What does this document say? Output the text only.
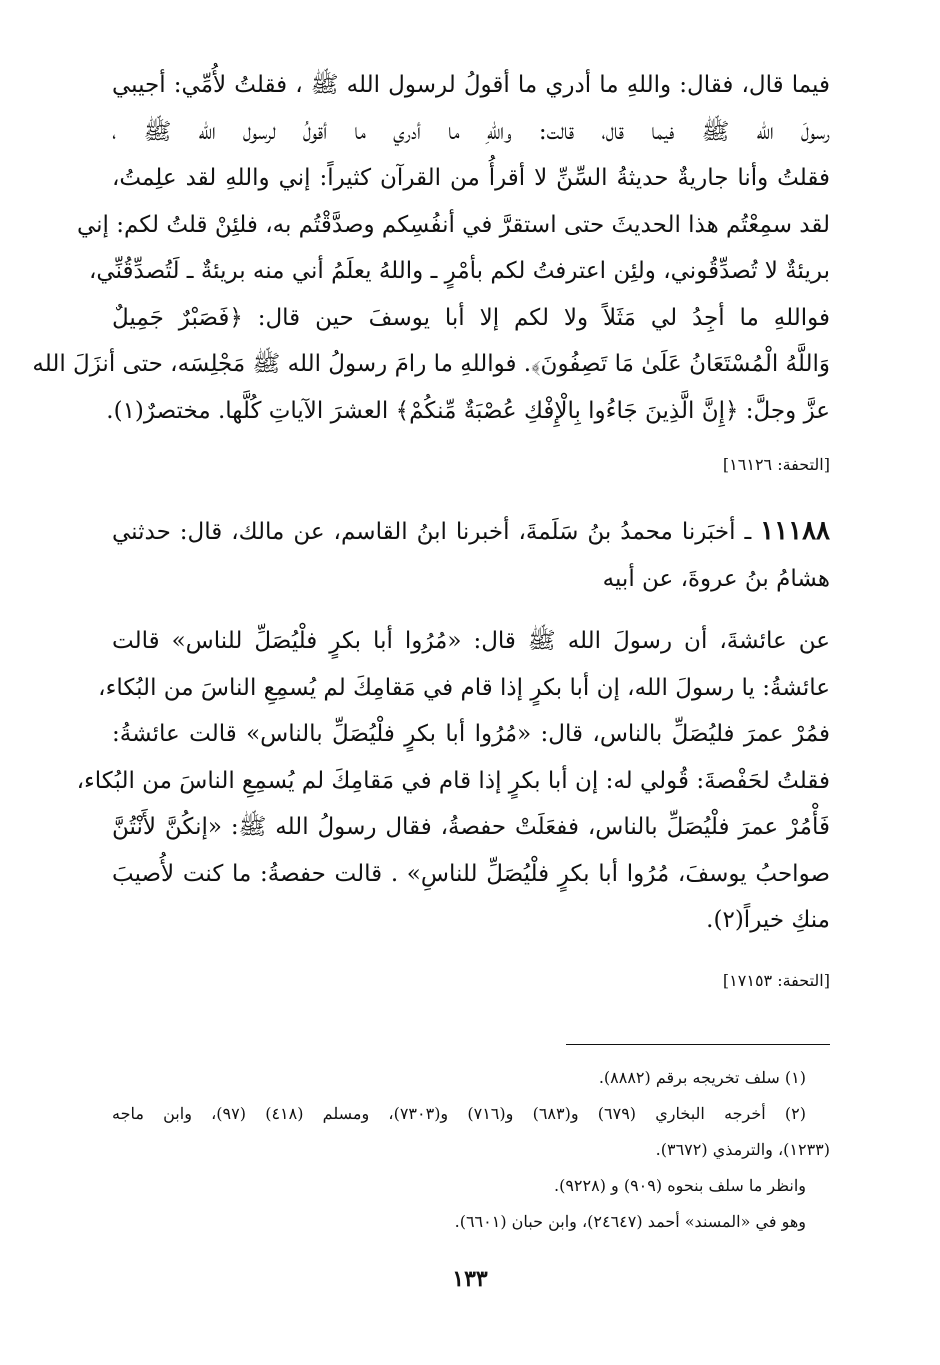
فيما قال، فقال: واللهِ ما أدري ما أقولُ لرسول الله ﷺ ، فقلتُ لأُمِّي: أجيبي
رسولَ الله ﷺ فيما قال، قالت: واللهِ ما أدري ما أقولُ لرسول الله ﷺ ،
فقلتُ وأنا جاريةٌ حديثةُ السِّنِّ لا أقرأُ من القرآن كثيراً: إني واللهِ لقد علِمتُ،
لقد سمِعْتُم هذا الحديثَ حتى استقرَّ في أنفُسِكم وصدَّقْتُم به، فلئِنْ قلتُ لكم: إني
بريئةٌ لا تُصدِّقُوني، ولئِن اعترفتُ لكم بأمْرٍ ـ واللهُ يعلَمُ أني منه بريئةٌ ـ لَتُصدِّقُنِّي،
فواللهِ ما أجِدُ لي مَثَلاً ولا لكم إلا أبا يوسفَ حين قال: ﴿فَصَبْرٌ جَمِيلٌ
وَاللَّهُ الْمُسْتَعَانُ عَلَىٰ مَا تَصِفُونَ﴾. فواللهِ ما رامَ رسولُ الله ﷺ مَجْلِسَه، حتى أنزَلَ الله
عزَّ وجلَّ: ﴿إِنَّ الَّذِينَ جَاءُوا بِالْإِفْكِ عُصْبَةٌ مِّنكُمْ﴾ العشرَ الآياتِ كُلَّها. مختصرٌ(١).
[التحفة: ١٦١٢٦]
١١١٨٨ ـ أخبَرنا محمدُ بنُ سَلَمةَ، أخبرنا ابنُ القاسم، عن مالك، قال: حدثني
هشامُ بنُ عروةَ، عن أبيه
عن عائشةَ، أن رسولَ الله ﷺ قال: «مُرُوا أبا بكرٍ فلْيُصَلِّ للناس» قالت
عائشةُ: يا رسولَ الله، إن أبا بكرٍ إذا قام في مَقامِكَ لم يُسمِعِ الناسَ من البُكاء،
فمُرْ عمرَ فليُصَلِّ بالناس، قال: «مُرُوا أبا بكرٍ فلْيُصَلِّ بالناس» قالت عائشةُ:
فقلتُ لحَفْصةَ: قُولي له: إن أبا بكرٍ إذا قام في مَقامِكَ لم يُسمِعِ الناسَ من البُكاء،
فَأْمُرْ عمرَ فلْيُصَلِّ بالناس، ففعَلَتْ حفصةُ، فقال رسولُ الله ﷺ: «إنكُنَّ لأَنْتُنَّ
صواحبُ يوسفَ، مُرُوا أبا بكرٍ فلْيُصَلِّ للناسِ» . قالت حفصةُ: ما كنت لأُصيبَ
منكِ خيراً(٢).
[التحفة: ١٧١٥٣]
(١) سلف تخريجه برقم (٨٨٨٢).
(٢) أخرجه البخاري (٦٧٩) و(٦٨٣) و(٧١٦) و(٧٣٠٣)، ومسلم (٤١٨) (٩٧)، وابن ماجه
(١٢٣٣)، والترمذي (٣٦٧٢).
وانظر ما سلف بنحوه (٩٠٩) و (٩٢٢٨).
وهو في «المسند» أحمد (٢٤٦٤٧)، وابن حبان (٦٦٠١).
١٣٣
